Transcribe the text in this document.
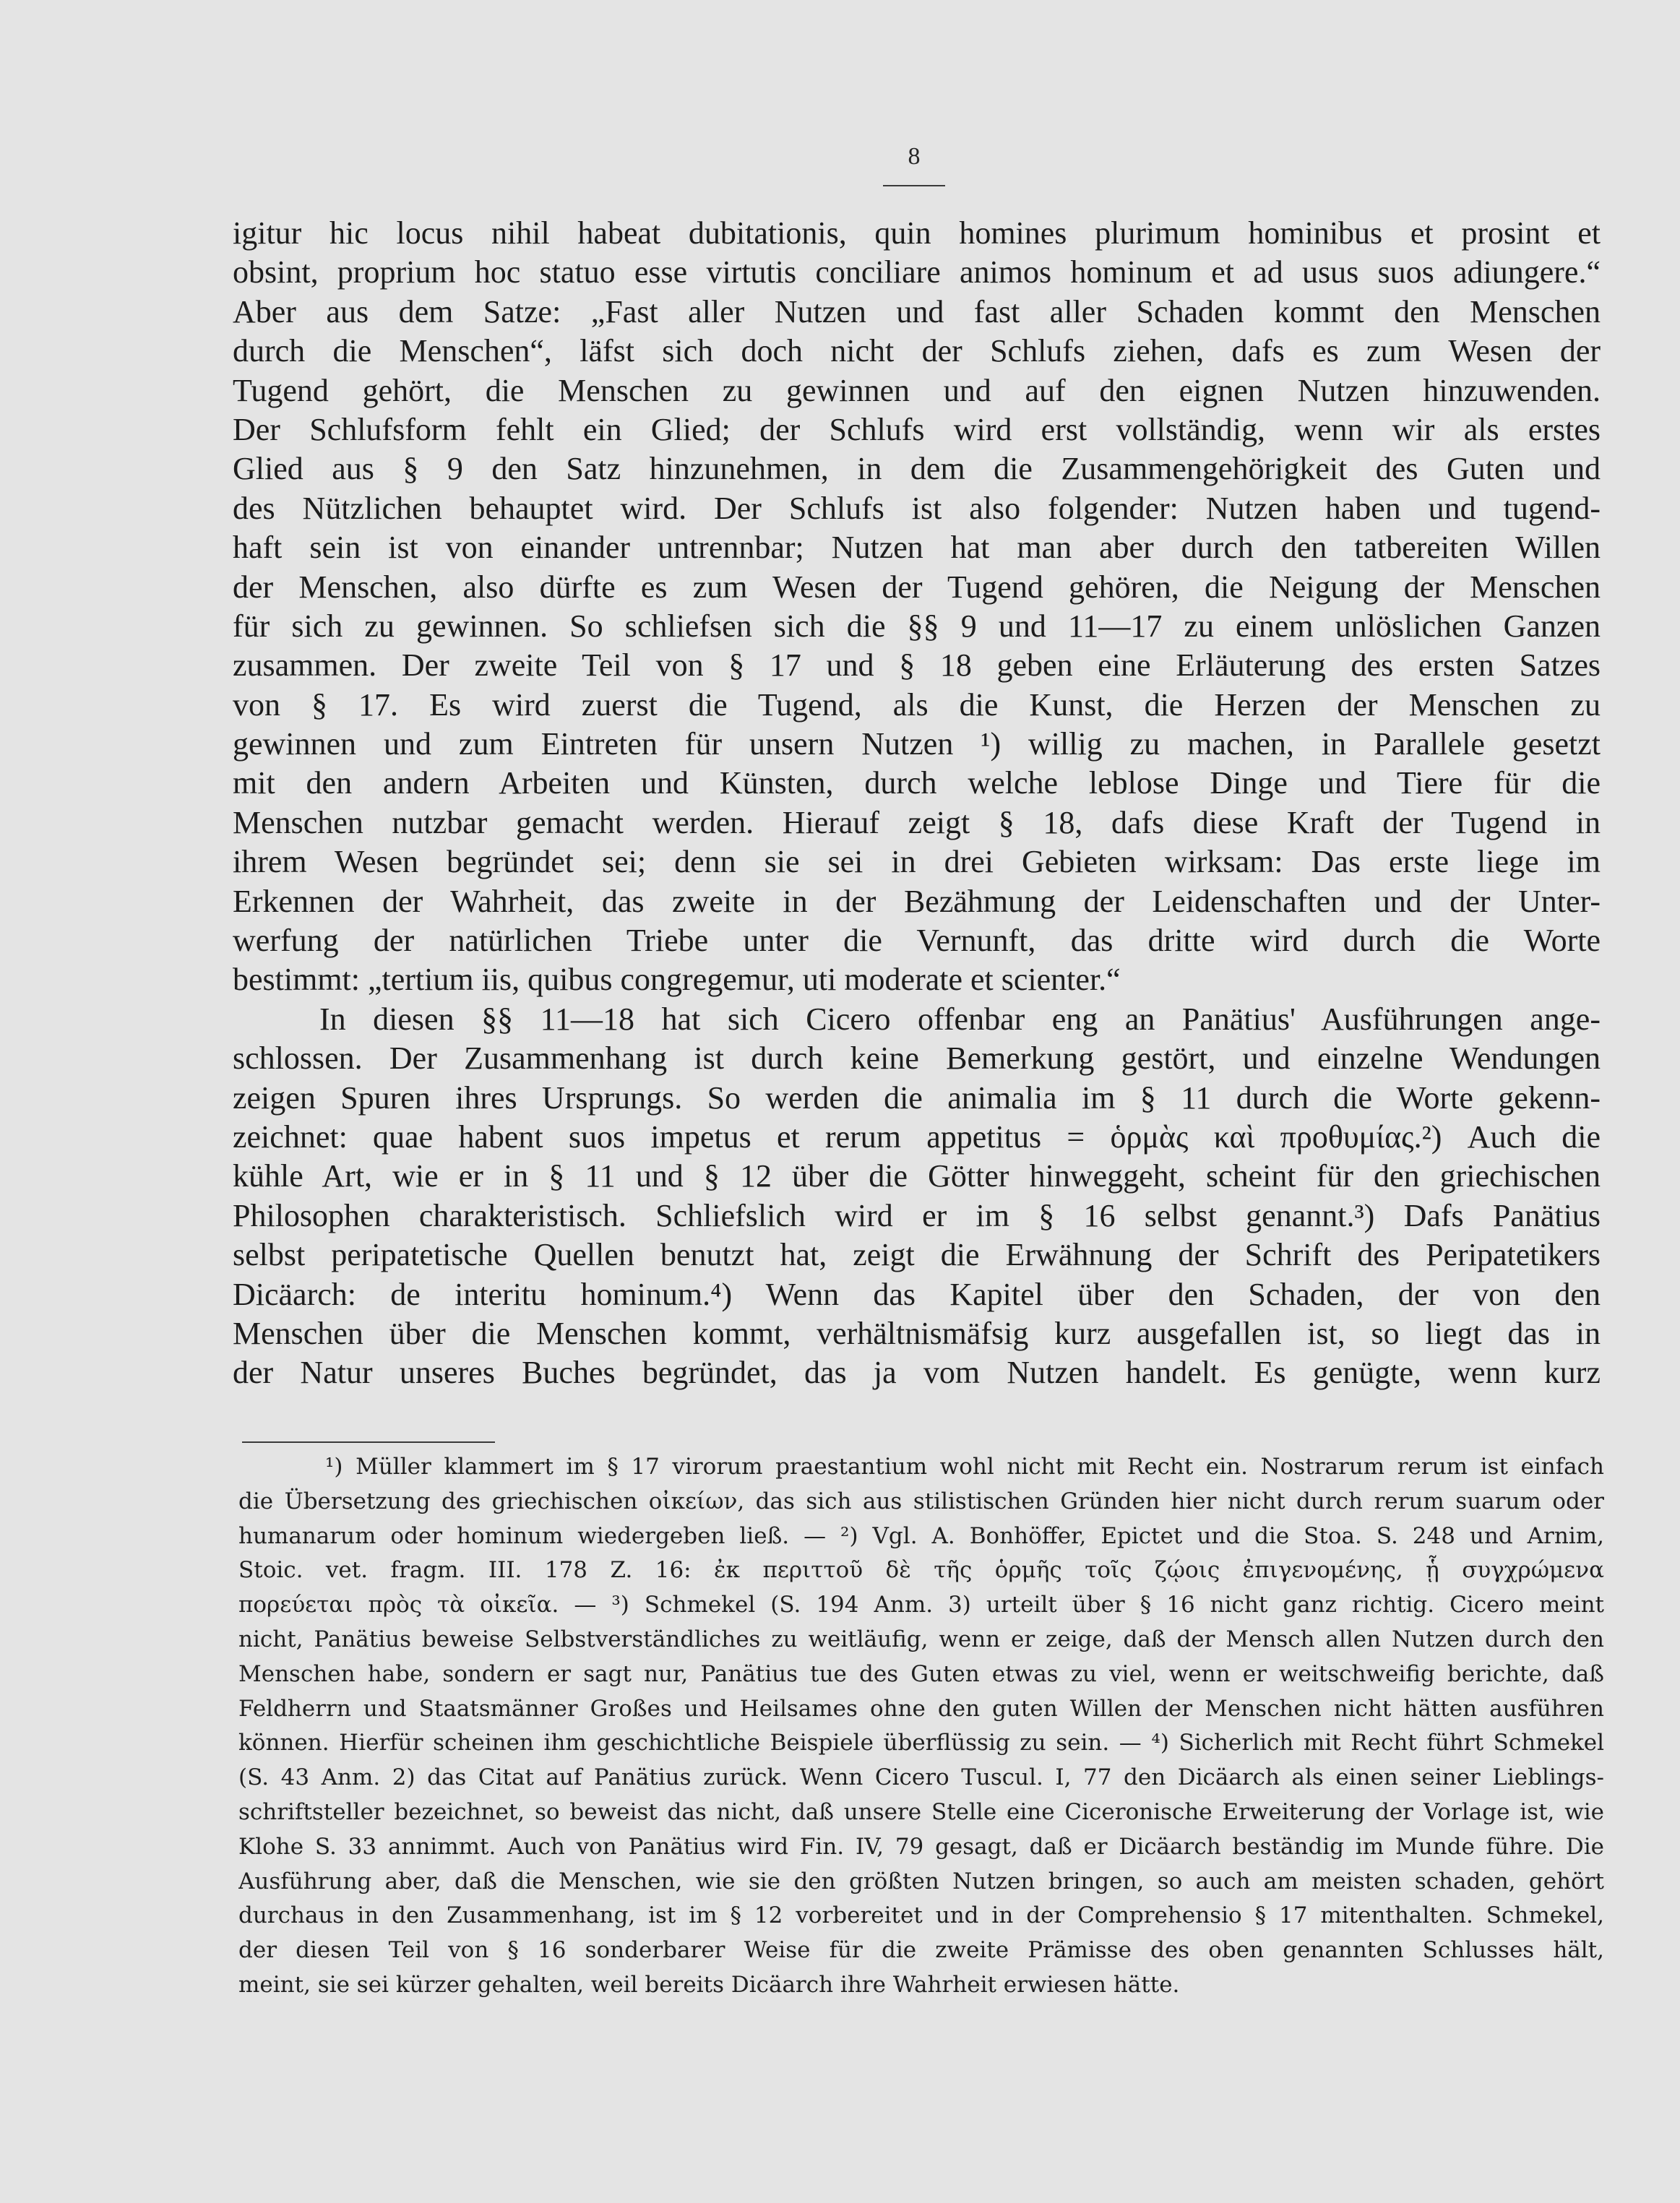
8
igitur hic locus nihil habeat dubitationis, quin homines plurimum hominibus et prosint et
obsint, proprium hoc statuo esse virtutis conciliare animos hominum et ad usus suos adiungere.“
Aber aus dem Satze: „Fast aller Nutzen und fast aller Schaden kommt den Menschen
durch die Menschen“, läfst sich doch nicht der Schlufs ziehen, dafs es zum Wesen der
Tugend gehört, die Menschen zu gewinnen und auf den eignen Nutzen hinzuwenden.
Der Schlufsform fehlt ein Glied; der Schlufs wird erst vollständig, wenn wir als erstes
Glied aus § 9 den Satz hinzunehmen, in dem die Zusammengehörigkeit des Guten und
des Nützlichen behauptet wird. Der Schlufs ist also folgender: Nutzen haben und tugend-
haft sein ist von einander untrennbar; Nutzen hat man aber durch den tatbereiten Willen
der Menschen, also dürfte es zum Wesen der Tugend gehören, die Neigung der Menschen
für sich zu gewinnen. So schliefsen sich die §§ 9 und 11—17 zu einem unlöslichen Ganzen
zusammen. Der zweite Teil von § 17 und § 18 geben eine Erläuterung des ersten Satzes
von § 17. Es wird zuerst die Tugend, als die Kunst, die Herzen der Menschen zu
gewinnen und zum Eintreten für unsern Nutzen ¹) willig zu machen, in Parallele gesetzt
mit den andern Arbeiten und Künsten, durch welche leblose Dinge und Tiere für die
Menschen nutzbar gemacht werden. Hierauf zeigt § 18, dafs diese Kraft der Tugend in
ihrem Wesen begründet sei; denn sie sei in drei Gebieten wirksam: Das erste liege im
Erkennen der Wahrheit, das zweite in der Bezähmung der Leidenschaften und der Unter-
werfung der natürlichen Triebe unter die Vernunft, das dritte wird durch die Worte
bestimmt: „tertium iis, quibus congregemur, uti moderate et scienter.“
In diesen §§ 11—18 hat sich Cicero offenbar eng an Panätius' Ausführungen ange-
schlossen. Der Zusammenhang ist durch keine Bemerkung gestört, und einzelne Wendungen
zeigen Spuren ihres Ursprungs. So werden die animalia im § 11 durch die Worte gekenn-
zeichnet: quae habent suos impetus et rerum appetitus = ὁρμὰς καὶ προθυμίας.²) Auch die
kühle Art, wie er in § 11 und § 12 über die Götter hinweggeht, scheint für den griechischen
Philosophen charakteristisch. Schliefslich wird er im § 16 selbst genannt.³) Dafs Panätius
selbst peripatetische Quellen benutzt hat, zeigt die Erwähnung der Schrift des Peripatetikers
Dicäarch: de interitu hominum.⁴) Wenn das Kapitel über den Schaden, der von den
Menschen über die Menschen kommt, verhältnismäfsig kurz ausgefallen ist, so liegt das in
der Natur unseres Buches begründet, das ja vom Nutzen handelt. Es genügte, wenn kurz
¹) Müller klammert im § 17 virorum praestantium wohl nicht mit Recht ein. Nostrarum rerum ist einfach
die Übersetzung des griechischen οἰκείων, das sich aus stilistischen Gründen hier nicht durch rerum suarum oder
humanarum oder hominum wiedergeben ließ. — ²) Vgl. A. Bonhöffer, Epictet und die Stoa. S. 248 und Arnim,
Stoic. vet. fragm. III. 178 Z. 16: ἐκ περιττοῦ δὲ τῆς ὁρμῆς τοῖς ζῴοις ἐπιγενομένης, ᾗ συγχρώμενα
πορεύεται πρὸς τὰ οἰκεῖα. — ³) Schmekel (S. 194 Anm. 3) urteilt über § 16 nicht ganz richtig. Cicero meint
nicht, Panätius beweise Selbstverständliches zu weitläufig, wenn er zeige, daß der Mensch allen Nutzen durch den
Menschen habe, sondern er sagt nur, Panätius tue des Guten etwas zu viel, wenn er weitschweifig berichte, daß
Feldherrn und Staatsmänner Großes und Heilsames ohne den guten Willen der Menschen nicht hätten ausführen
können. Hierfür scheinen ihm geschichtliche Beispiele überflüssig zu sein. — ⁴) Sicherlich mit Recht führt Schmekel
(S. 43 Anm. 2) das Citat auf Panätius zurück. Wenn Cicero Tuscul. I, 77 den Dicäarch als einen seiner Lieblings-
schriftsteller bezeichnet, so beweist das nicht, daß unsere Stelle eine Ciceronische Erweiterung der Vorlage ist, wie
Klohe S. 33 annimmt. Auch von Panätius wird Fin. IV, 79 gesagt, daß er Dicäarch beständig im Munde führe. Die
Ausführung aber, daß die Menschen, wie sie den größten Nutzen bringen, so auch am meisten schaden, gehört
durchaus in den Zusammenhang, ist im § 12 vorbereitet und in der Comprehensio § 17 mitenthalten. Schmekel,
der diesen Teil von § 16 sonderbarer Weise für die zweite Prämisse des oben genannten Schlusses hält,
meint, sie sei kürzer gehalten, weil bereits Dicäarch ihre Wahrheit erwiesen hätte.
